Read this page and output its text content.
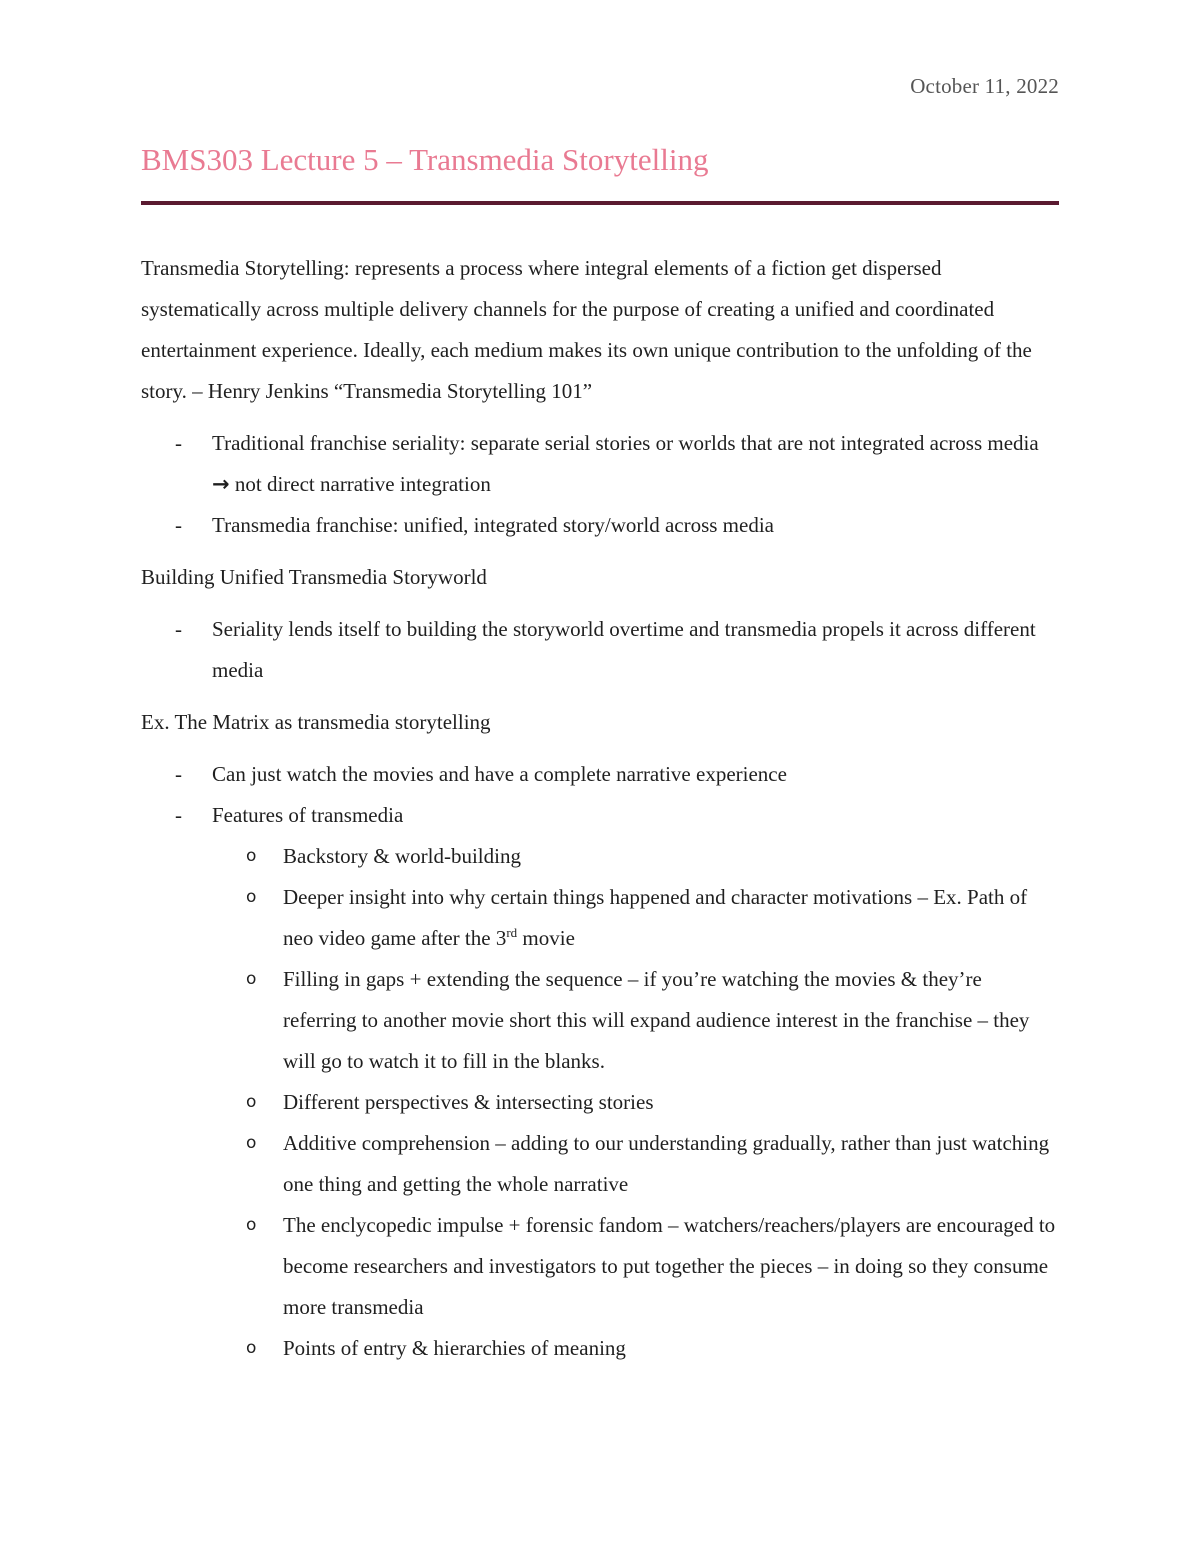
October 11, 2022
BMS303 Lecture 5 – Transmedia Storytelling

Transmedia Storytelling: represents a process where integral elements of a fiction get dispersed systematically across multiple delivery channels for the purpose of creating a unified and coordinated entertainment experience. Ideally, each medium makes its own unique contribution to the unfolding of the story. – Henry Jenkins “Transmedia Storytelling 101”

- Traditional franchise seriality: separate serial stories or worlds that are not integrated across media → not direct narrative integration
- Transmedia franchise: unified, integrated story/world across media

Building Unified Transmedia Storyworld

- Seriality lends itself to building the storyworld overtime and transmedia propels it across different media

Ex. The Matrix as transmedia storytelling

- Can just watch the movies and have a complete narrative experience
- Features of transmedia
o Backstory & world-building
o Deeper insight into why certain things happened and character motivations – Ex. Path of neo video game after the 3rd movie
o Filling in gaps + extending the sequence – if you’re watching the movies & they’re referring to another movie short this will expand audience interest in the franchise – they will go to watch it to fill in the blanks.
o Different perspectives & intersecting stories
o Additive comprehension – adding to our understanding gradually, rather than just watching one thing and getting the whole narrative
o The enclycopedic impulse + forensic fandom – watchers/reachers/players are encouraged to become researchers and investigators to put together the pieces – in doing so they consume more transmedia
o Points of entry & hierarchies of meaning
